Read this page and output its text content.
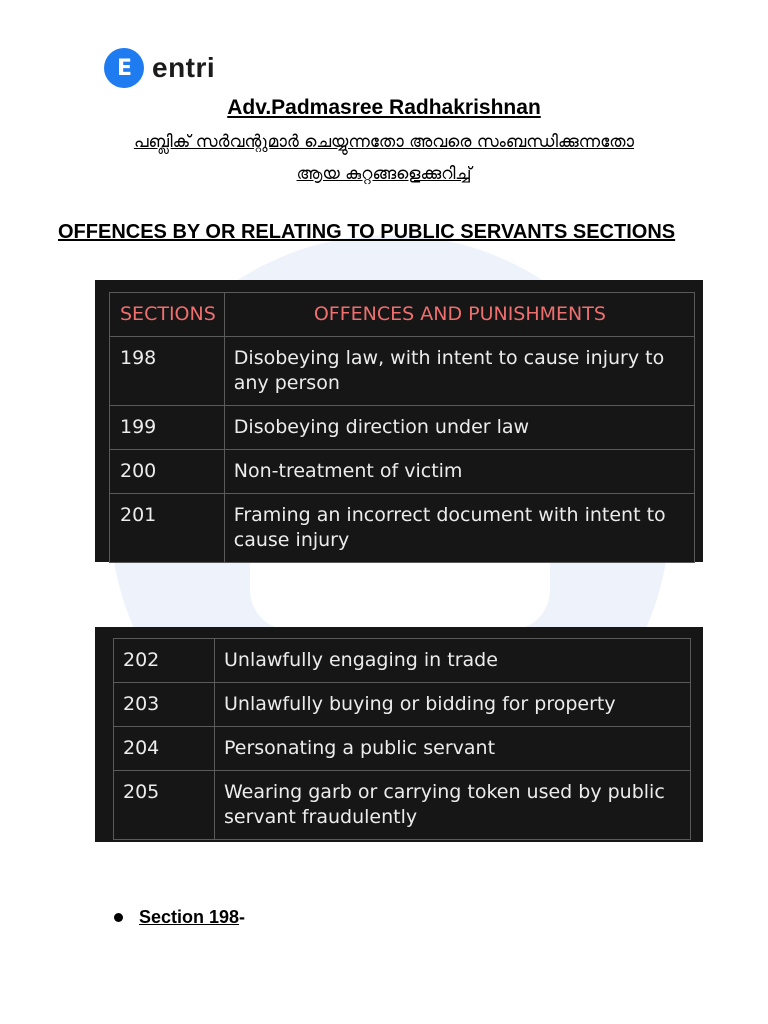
E entri
Adv.Padmasree Radhakrishnan
പബ്ലിക് സർവന്റുമാർ ചെയ്യുന്നതോ അവരെ സംബന്ധിക്കുന്നതോ
ആയ കുറ്റങ്ങളെക്കുറിച്ച്
OFFENCES BY OR RELATING TO PUBLIC SERVANTS SECTIONS
SECTIONS	OFFENCES AND PUNISHMENTS
198	Disobeying law, with intent to cause injury to any person
199	Disobeying direction under law
200	Non-treatment of victim
201	Framing an incorrect document with intent to cause injury
202	Unlawfully engaging in trade
203	Unlawfully buying or bidding for property
204	Personating a public servant
205	Wearing garb or carrying token used by public servant fraudulently
Section 198 -
